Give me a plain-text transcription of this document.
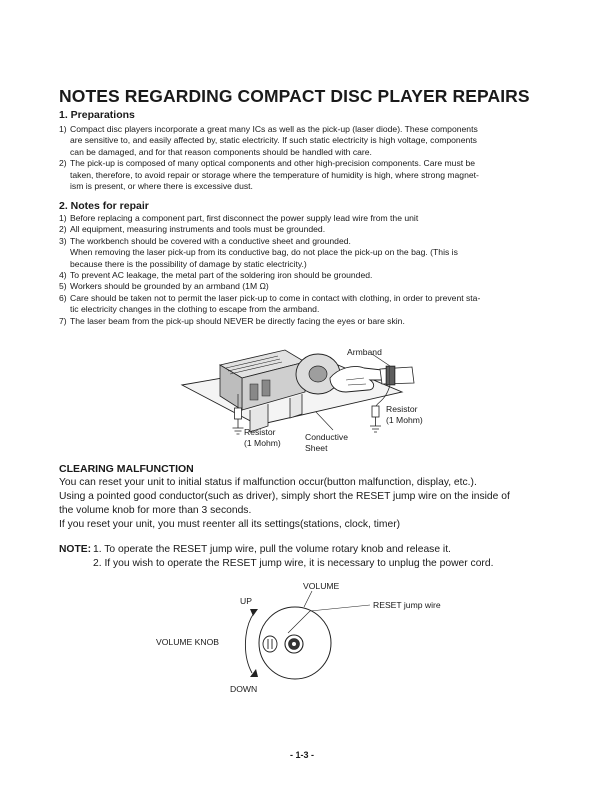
NOTES REGARDING COMPACT DISC PLAYER REPAIRS
1. Preparations
1) Compact disc players incorporate a great many ICs as well as the pick-up (laser diode). These components
are sensitive to, and easily affected by, static electricity. If such static electricity is high voltage, components
can be damaged, and for that reason components should be handled with care.
2) The pick-up is composed of many optical components and other high-precision components. Care must be
taken, therefore, to avoid repair or storage where the temperature of humidity is high, where strong magnet-
ism is present, or where there is excessive dust.
2. Notes for repair
1) Before replacing a component part, first disconnect the power supply lead wire from the unit
2) All equipment, measuring instruments and tools must be grounded.
3) The workbench should be covered with a conductive sheet and grounded.
When removing the laser pick-up from its conductive bag, do not place the pick-up on the bag. (This is
because there is the possibility of damage by static electricity.)
4) To prevent AC leakage, the metal part of the soldering iron should be grounded.
5) Workers should be grounded by an armband (1M Ω)
6) Care should be taken not to permit the laser pick-up to come in contact with clothing, in order to prevent sta-
tic electricity changes in the clothing to escape from the armband.
7) The laser beam from the pick-up should NEVER be directly facing the eyes or bare skin.
Armband
Resistor
(1 Mohm)
Resistor
(1 Mohm)
Conductive
Sheet
CLEARING MALFUNCTION

You can reset your unit to initial status if malfunction occur(button malfunction, display, etc.).

Using a pointed good conductor(such as driver), simply short the RESET jump wire on the inside of

the volume knob for more than 3 seconds.

If you reset your unit, you must reenter all its settings(stations, clock, timer)

NOTE: 1. To operate the RESET jump wire, pull the volume rotary knob and release it.
2. If you wish to operate the RESET jump wire, it is necessary to unplug the power cord.
VOLUME
UP	RESET jump wire
VOLUME KNOB
DOWN
- 1-3 -
